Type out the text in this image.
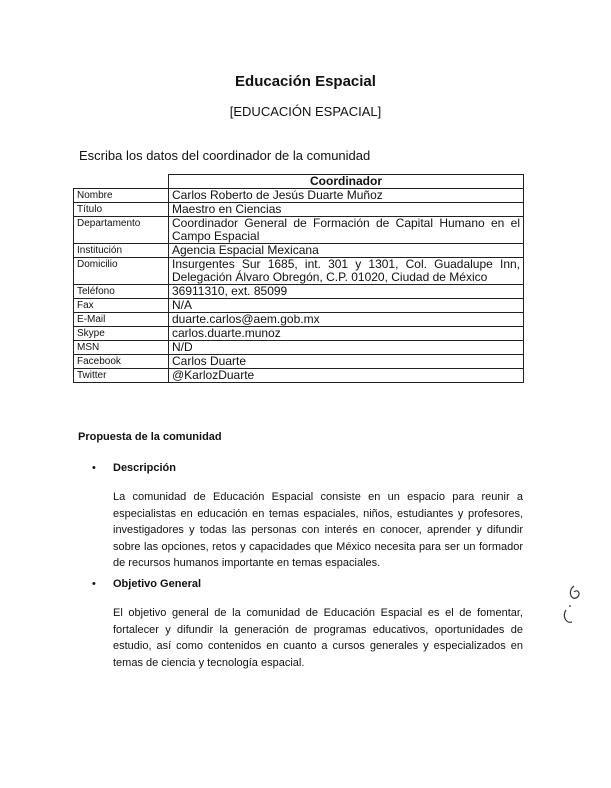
Educación Espacial
[EDUCACIÓN ESPACIAL]
Escriba los datos del coordinador de la comunidad
	Coordinador
Nombre	Carlos Roberto de Jesús Duarte Muñoz
Título	Maestro en Ciencias
Departamento	Coordinador General de Formación de Capital Humano en el Campo Espacial
Institución	Agencia Espacial Mexicana
Domicilio	Insurgentes Sur 1685, int. 301 y 1301, Col. Guadalupe Inn, Delegación Álvaro Obregón, C.P. 01020, Ciudad de México
Teléfono	36911310, ext. 85099
Fax	N/A
E-Mail	duarte.carlos@aem.gob.mx
Skype	carlos.duarte.munoz
MSN	N/D
Facebook	Carlos Duarte
Twitter	@KarlozDuarte
Propuesta de la comunidad
• Descripción
La comunidad de Educación Espacial consiste en un espacio para reunir a especialistas en educación en temas espaciales, niños, estudiantes y profesores, investigadores y todas las personas con interés en conocer, aprender y difundir sobre las opciones, retos y capacidades que México necesita para ser un formador de recursos humanos importante en temas espaciales.
• Objetivo General
El objetivo general de la comunidad de Educación Espacial es el de fomentar, fortalecer y difundir la generación de programas educativos, oportunidades de estudio, así como contenidos en cuanto a cursos generales y especializados en temas de ciencia y tecnología espacial.
